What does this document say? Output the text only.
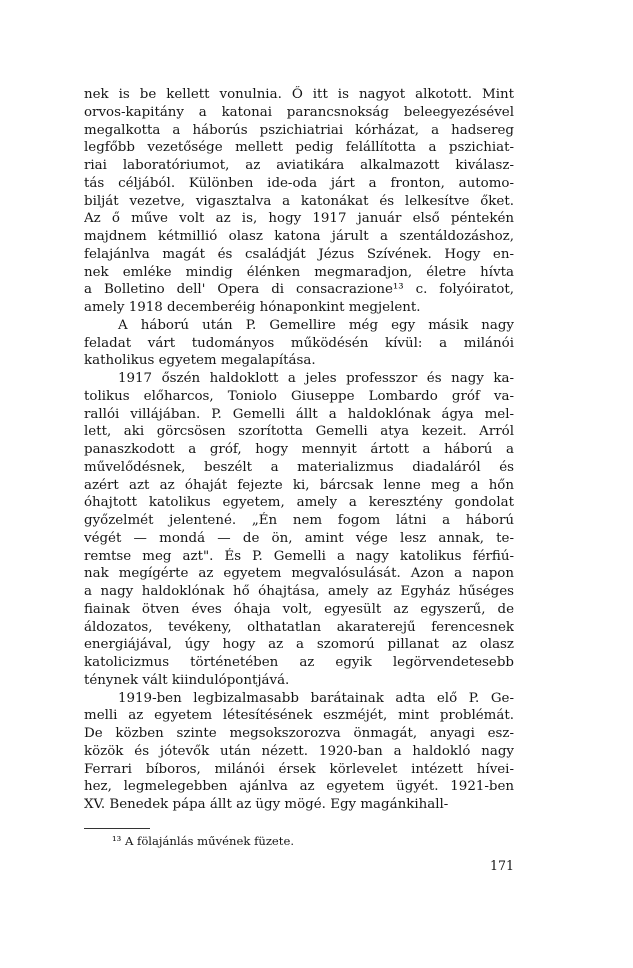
nek is be kellett vonulnia. Ő itt is nagyot alkotott. Mint
orvos-kapitány a katonai parancsnokság beleegyezésével
megalkotta a háborús pszichiatriai kórházat, a hadsereg
legfőbb vezetősége mellett pedig felállította a pszichiat-
riai laboratóriumot, az aviatikára alkalmazott kiválasz-
tás céljából. Különben ide-oda járt a fronton, automo-
bilját vezetve, vigasztalva a katonákat és lelkesítve őket.
Az ő műve volt az is, hogy 1917 január első péntekén
majdnem kétmillió olasz katona járult a szentáldozáshoz,
felajánlva magát és családját Jézus Szívének. Hogy en-
nek emléke mindig élénken megmaradjon, életre hívta
a Bolletino dell' Opera di consacrazione¹³ c. folyóiratot,
amely 1918 decemberéig hónaponkint megjelent.
A háború után P. Gemellire még egy másik nagy
feladat várt tudományos működésén kívül: a milánói
katholikus egyetem megalapítása.
1917 őszén haldoklott a jeles professzor és nagy ka-
tolikus előharcos, Toniolo Giuseppe Lombardo gróf va-
rallói villájában. P. Gemelli állt a haldoklónak ágya mel-
lett, aki görcsösen szorította Gemelli atya kezeit. Arról
panaszkodott a gróf, hogy mennyit ártott a háború a
művelődésnek, beszélt a materializmus diadaláról és
azért azt az óhaját fejezte ki, bárcsak lenne meg a hőn
óhajtott katolikus egyetem, amely a keresztény gondolat
győzelmét jelentené. „Én nem fogom látni a háború
végét — mondá — de ön, amint vége lesz annak, te-
remtse meg azt". És P. Gemelli a nagy katolikus férfiú-
nak megígérte az egyetem megvalósulását. Azon a napon
a nagy haldoklónak hő óhajtása, amely az Egyház hűséges
fiainak ötven éves óhaja volt, egyesült az egyszerű, de
áldozatos, tevékeny, olthatatlan akaraterejű ferencesnek
energiájával, úgy hogy az a szomorú pillanat az olasz
katolicizmus történetében az egyik legörvendetesebb
ténynek vált kiindulópontjává.
1919-ben legbizalmasabb barátainak adta elő P. Ge-
melli az egyetem létesítésének eszméjét, mint problémát.
De közben szinte megsokszorozva önmagát, anyagi esz-
közök és jótevők után nézett. 1920-ban a haldokló nagy
Ferrari bíboros, milánói érsek körlevelet intézett hívei-
hez, legmelegebben ajánlva az egyetem ügyét. 1921-ben
XV. Benedek pápa állt az ügy mögé. Egy magánkihall-
¹³ A fölajánlás művének füzete.
171
